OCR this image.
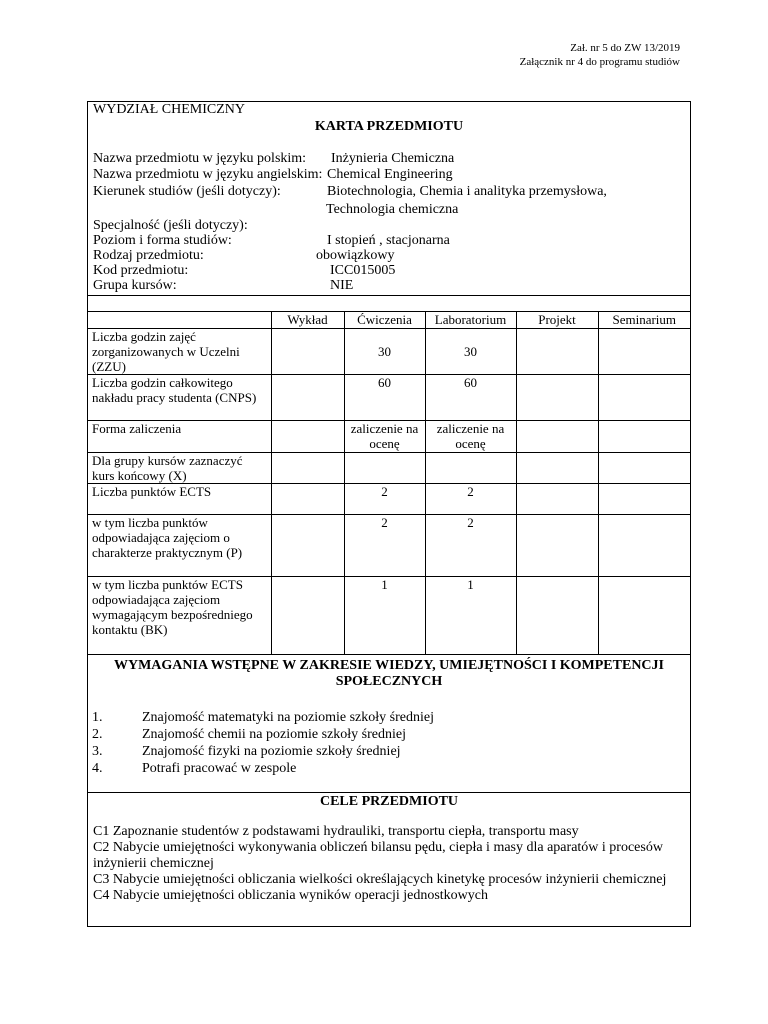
Zał. nr 5 do ZW 13/2019
Załącznik nr 4 do programu studiów
WYDZIAŁ CHEMICZNY
KARTA PRZEDMIOTU
Nazwa przedmiotu w języku polskim: Inżynieria Chemiczna
Nazwa przedmiotu w języku angielskim: Chemical Engineering
Kierunek studiów (jeśli dotyczy):	Biotechnologia, Chemia i analityka przemysłowa,
Technologia chemiczna
Specjalność (jeśli dotyczy):
Poziom i forma studiów:	I stopień , stacjonarna
Rodzaj przedmiotu:	obowiązkowy
Kod przedmiotu:	ICC015005
Grupa kursów:	NIE
	Wykład	Ćwiczenia	Laboratorium	Projekt	Seminarium
Liczba godzin zajęć zorganizowanych w Uczelni (ZZU)		30	30		
Liczba godzin całkowitego nakładu pracy studenta (CNPS)		60	60		
Forma zaliczenia		zaliczenie na ocenę	zaliczenie na ocenę		
Dla grupy kursów zaznaczyć kurs końcowy (X)					
Liczba punktów ECTS		2	2		
w tym liczba punktów odpowiadająca zajęciom o charakterze praktycznym (P)		2	2		
w tym liczba punktów ECTS odpowiadająca zajęciom wymagającym bezpośredniego kontaktu (BK)		1	1		
WYMAGANIA WSTĘPNE W ZAKRESIE WIEDZY, UMIEJĘTNOŚCI I KOMPETENCJI SPOŁECZNYCH
1.	Znajomość matematyki na poziomie szkoły średniej
2.	Znajomość chemii na poziomie szkoły średniej
3.	Znajomość fizyki na poziomie szkoły średniej
4.	Potrafi pracować w zespole
CELE PRZEDMIOTU

C1 Zapoznanie studentów z podstawami hydrauliki, transportu ciepła, transportu masy

C2 Nabycie umiejętności wykonywania obliczeń bilansu pędu, ciepła i masy dla aparatów i procesów inżynierii chemicznej

C3 Nabycie umiejętności obliczania wielkości określających kinetykę procesów inżynierii chemicznej

C4 Nabycie umiejętności obliczania wyników operacji jednostkowych
